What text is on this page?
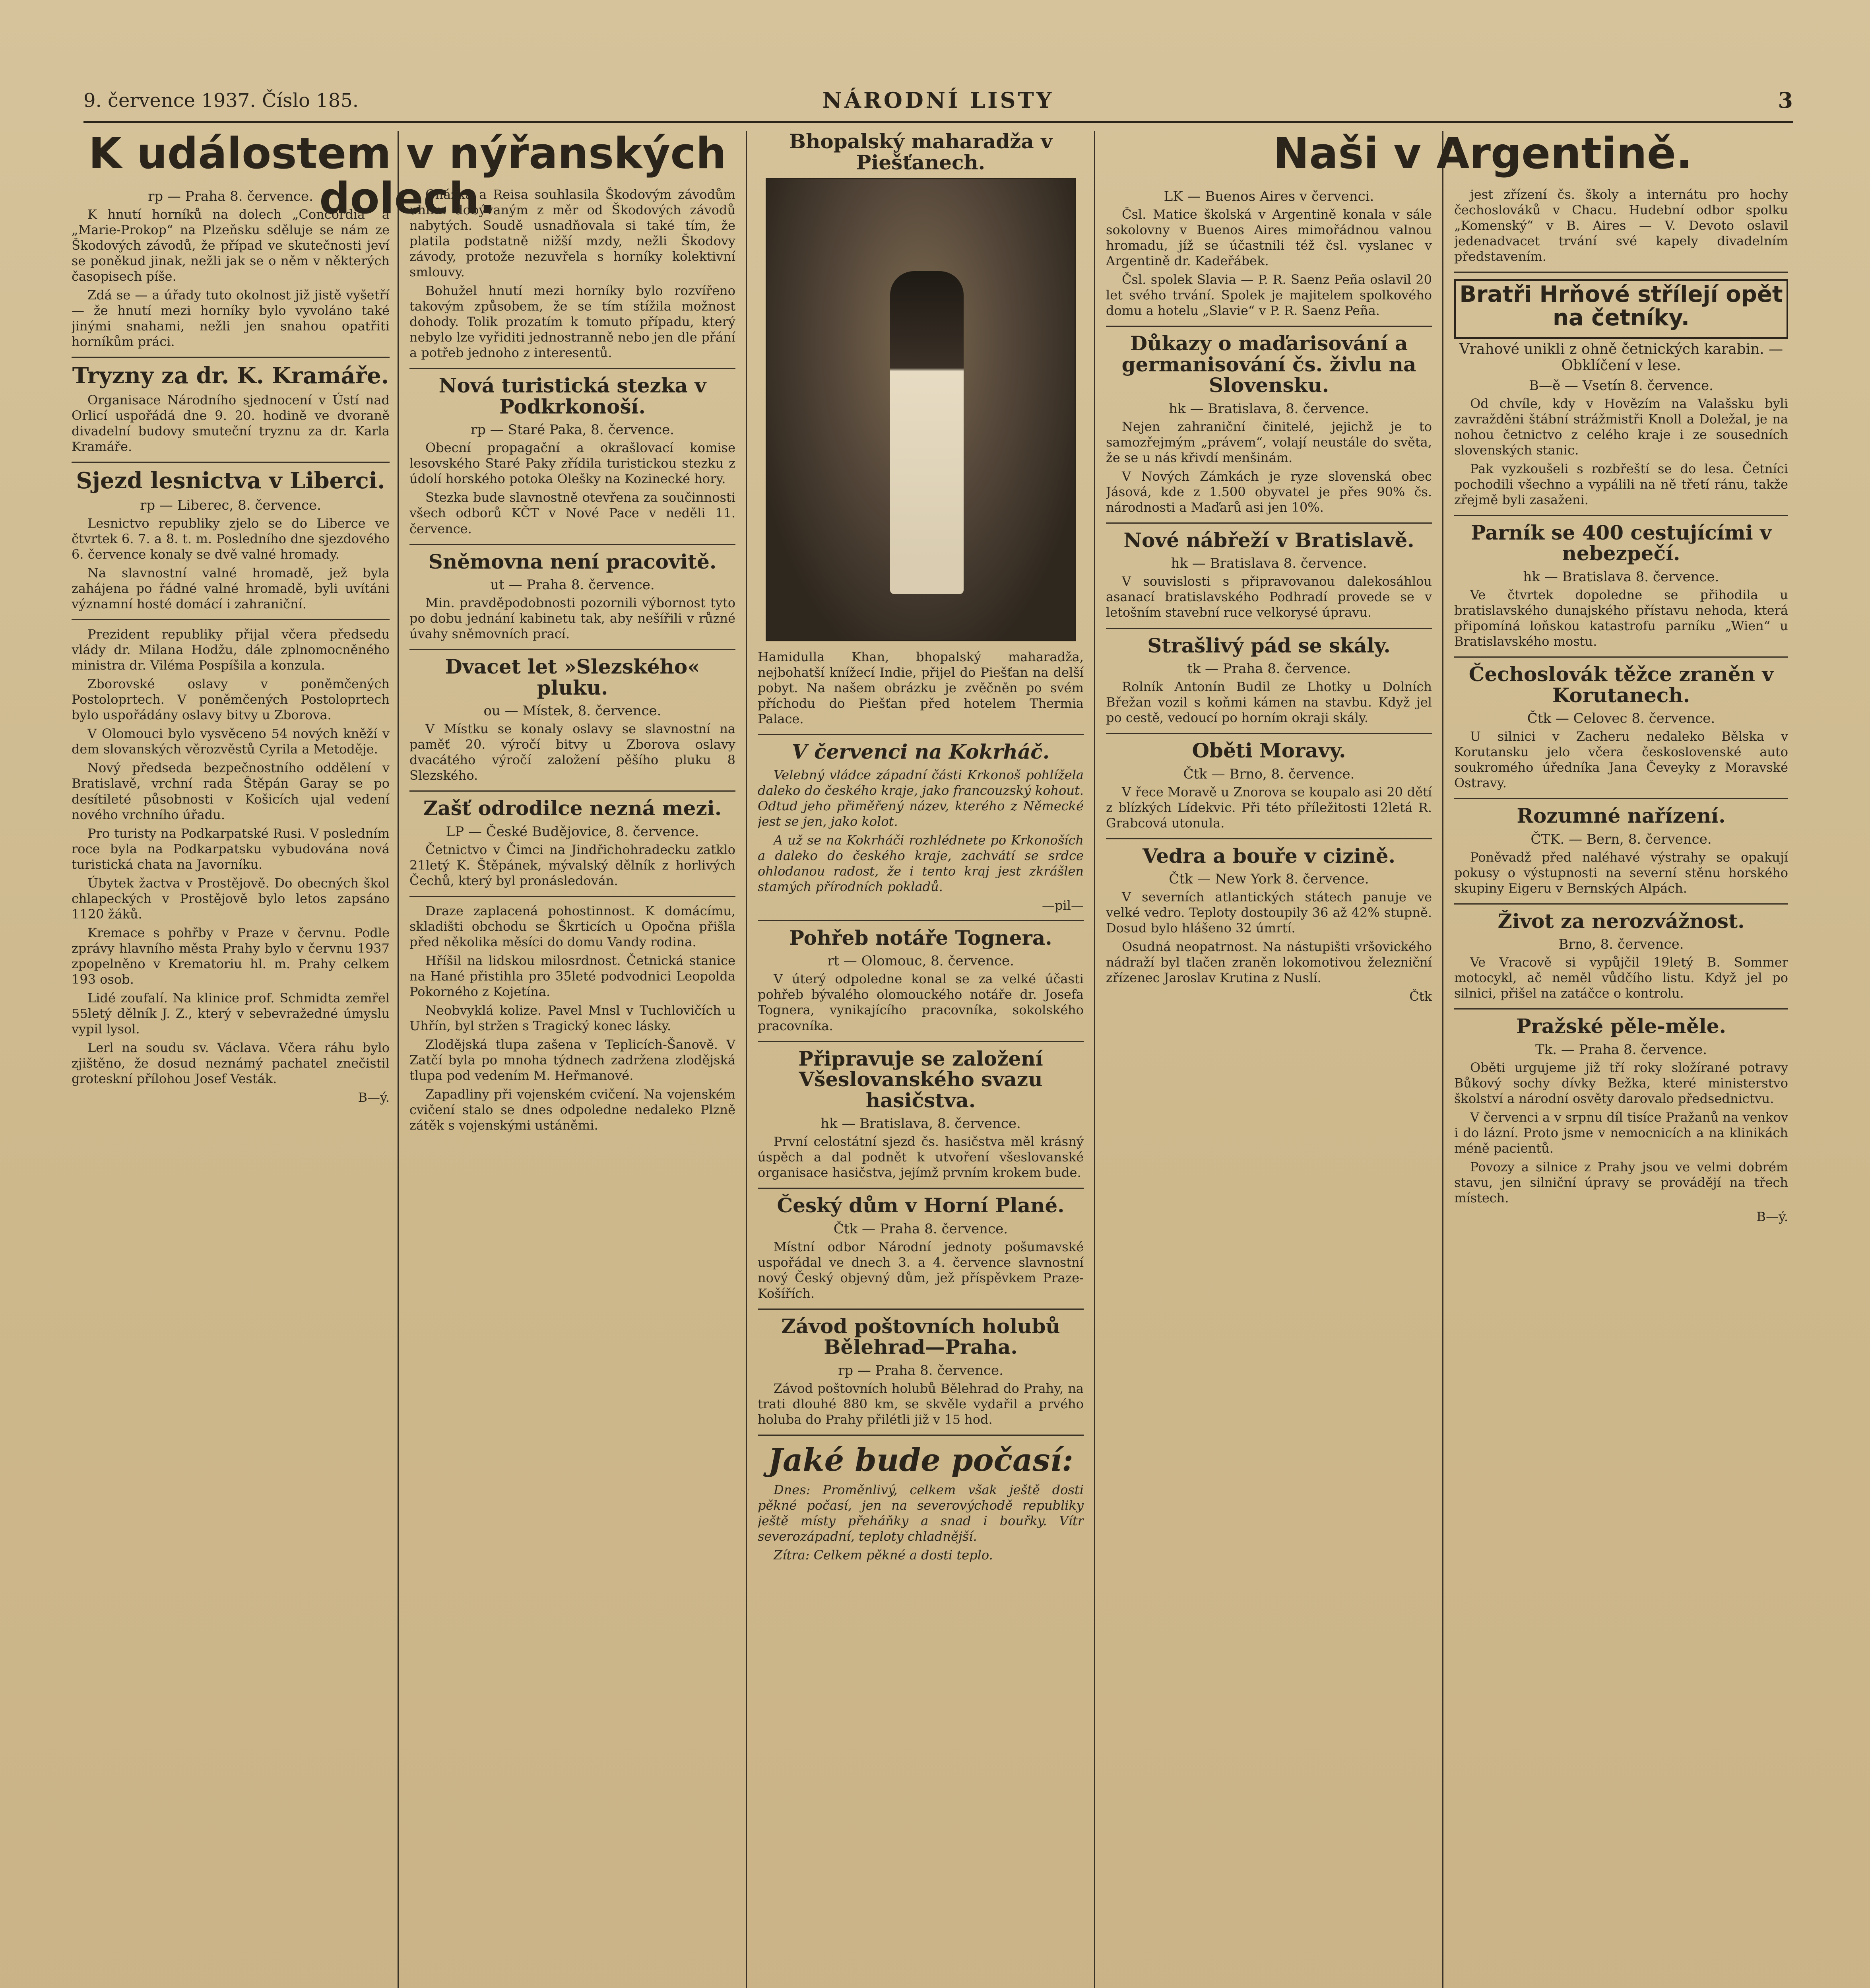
9. července 1937. Číslo 185.	NÁRODNÍ LISTY	3
K událostem v nýřanských dolech.
Naši v Argentině.
rp — Praha 8. července.

K hnutí horníků na dolech „Concordia“ a „Marie-Prokop“ na Plzeňsku sděluje se nám ze Škodových závodů, že případ ve skutečnosti jeví se poněkud jinak, nežli jak se o něm v některých časopisech píše.

Zdá se — a úřady tuto okolnost již jistě vyšetří — že hnutí mezi horníky bylo vyvoláno také jinými snahami, nežli jen snahou opatřiti horníkům práci.

Tryzny za dr. K. Kramáře.

Organisace Národního sjednocení v Ústí nad Orlicí uspořádá dne 9. 20. hodině ve dvoraně divadelní budovy smuteční tryznu za dr. Karla Kramáře.

Sjezd lesnictva v Liberci.
rp — Liberec, 8. července.

Lesnictvo republiky zjelo se do Liberce ve čtvrtek 6. 7. a 8. t. m. Posledního dne sjezdového 6. července konaly se dvě valné hromady.

Na slavnostní valné hromadě, jež byla zahájena po řádné valné hromadě, byli uvítáni významní hosté domácí i zahraniční.

Prezident republiky přijal včera předsedu vlády dr. Milana Hodžu, dále zplnomocněného ministra dr. Viléma Pospíšila a konzula.

Zborovské oslavy v poněmčených Postoloprtech. V poněmčených Postoloprtech bylo uspořádány oslavy bitvy u Zborova.

V Olomouci bylo vysvěceno 54 nových kněží v dem slovanských věrozvěstů Cyrila a Metoděje.

Nový předseda bezpečnostního oddělení v Bratislavě, vrchní rada Štěpán Garay se po desítileté působnosti v Košicích ujal vedení nového vrchního úřadu.

Pro turisty na Podkarpatské Rusi. V posledním roce byla na Podkarpatsku vybudována nová turistická chata na Javorníku.

Úbytek žactva v Prostějově. Do obecných škol chlapeckých v Prostějově bylo letos zapsáno 1120 žáků.

Kremace s pohřby v Praze v červnu. Podle zprávy hlavního města Prahy bylo v červnu 1937 zpopelněno v Krematoriu hl. m. Prahy celkem 193 osob.

Lidé zoufalí. Na klinice prof. Schmidta zemřel 55letý dělník J. Z., který v sebevražedné úmyslu vypil lysol.

Lerl na soudu sv. Václava. Včera ráhu bylo zjištěno, že dosud neznámý pachatel znečistil groteskní přílohou Josef Vesták.

B—ý.

Chážka a Reisa souhlasila Škodovým závodům uhlím dobývaným z měr od Škodových závodů nabytých. Soudě usnadňovala si také tím, že platila podstatně nižší mzdy, nežli Škodovy závody, protože nezuvřela s horníky kolektivní smlouvy.

Bohužel hnutí mezi horníky bylo rozvířeno takovým způsobem, že se tím stížila možnost dohody. Tolik prozatím k tomuto případu, který nebylo lze vyřiditi jednostranně nebo jen dle přání a potřeb jednoho z interesentů.

Nová turistická stezka v Podkrkonoší.
rp — Staré Paka, 8. července.

Obecní propagační a okrašlovací komise lesovského Staré Paky zřídila turistickou stezku z údolí horského potoka Olešky na Kozinecké hory.

Stezka bude slavnostně otevřena za součinnosti všech odborů KČT v Nové Pace v neděli 11. července.

Sněmovna není pracovitě.
ut — Praha 8. července.

Min. pravděpodobnosti pozornili výbornost tyto po dobu jednání kabinetu tak, aby nešířili v různé úvahy sněmovních prací.

Dvacet let »Slezského« pluku.
ou — Místek, 8. července.

V Místku se konaly oslavy se slavnostní na paměť 20. výročí bitvy u Zborova oslavy dvacátého výročí založení pěšího pluku 8 Slezského.

Zašť odrodilce nezná mezi.
LP — České Budějovice, 8. července.

Četnictvo v Čimci na Jindřichohradecku zatklo 21letý K. Štěpánek, mývalský dělník z horlivých Čechů, který byl pronásledován.

Draze zaplacená pohostinnost. K domácímu, skladišti obchodu se Škrticích u Opočna přišla před několika měsíci do domu Vandy rodina.

Hříšil na lidskou milosrdnost. Četnická stanice na Hané přistihla pro 35leté podvodnici Leopolda Pokorného z Kojetína.

Neobvyklá kolize. Pavel Mnsl v Tuchlovičích u Uhřín, byl stržen s Tragický konec lásky.

Zlodějská tlupa zašena v Teplicích-Šanově. V Zatčí byla po mnoha týdnech zadržena zlodějská tlupa pod vedením M. Heřmanové.

Zapadliny při vojenském cvičení. Na vojenském cvičení stalo se dnes odpoledne nedaleko Plzně zátěk s vojenskými ustáněmi.

Bhopalský maharadža v Piešťanech.

Hamidulla Khan, bhopalský maharadža, nejbohatší knížecí Indie, přijel do Piešťan na delší pobyt. Na našem obrázku je zvěčněn po svém příchodu do Piešťan před hotelem Thermia Palace.

V červenci na Kokrháč.

Velebný vládce západní části Krkonoš pohlížela daleko do českého kraje, jako francouzský kohout. Odtud jeho přiměřený název, kterého z Německé jest se jen, jako kolot.

A už se na Kokrháči rozhlédnete po Krkonoších a daleko do českého kraje, zachvátí se srdce ohlodanou radost, že i tento kraj jest zkrášlen stamých přírodních pokladů.

—pil—
Pohřeb notáře Tognera.
rt — Olomouc, 8. července.

V úterý odpoledne konal se za velké účasti pohřeb bývalého olomouckého notáře dr. Josefa Tognera, vynikajícího pracovníka, sokolského pracovníka.

Připravuje se založení Všeslovanského svazu hasičstva.
hk — Bratislava, 8. července.

První celostátní sjezd čs. hasičstva měl krásný úspěch a dal podnět k utvoření všeslovanské organisace hasičstva, jejímž prvním krokem bude.

Český dům v Horní Plané.
Čtk — Praha 8. července.

Místní odbor Národní jednoty pošumavské uspořádal ve dnech 3. a 4. července slavnostní nový Český objevný dům, jež příspěvkem Praze-Košířích.

Závod poštovních holubů Bělehrad—Praha.
rp — Praha 8. července.

Závod poštovních holubů Bělehrad do Prahy, na trati dlouhé 880 km, se skvěle vydařil a prvého holuba do Prahy přilétli již v 15 hod.

Jaké bude počasí:

Dnes: Proměnlivý, celkem však ještě dosti pěkné počasí, jen na severovýchodě republiky ještě místy přeháňky a snad i bouřky. Vítr severozápadní, teploty chladnější.

Zítra: Celkem pěkné a dosti teplo.

LK — Buenos Aires v červenci.

Čsl. Matice školská v Argentině konala v sále sokolovny v Buenos Aires mimořádnou valnou hromadu, jíž se účastnili též čsl. vyslanec v Argentině dr. Kadeřábek.

Čsl. spolek Slavia — P. R. Saenz Peña oslavil 20 let svého trvání. Spolek je majitelem spolkového domu a hotelu „Slavie“ v P. R. Saenz Peña.

Důkazy o maďarisování a germanisování čs. živlu na Slovensku.
hk — Bratislava, 8. července.

Nejen zahraniční činitelé, jejichž je to samozřejmým „právem“, volají neustále do světa, že se u nás křivdí menšinám.

V Nových Zámkách je ryze slovenská obec Jásová, kde z 1.500 obyvatel je přes 90% čs. národnosti a Maďarů asi jen 10%.

Nové nábřeží v Bratislavě.
hk — Bratislava 8. července.

V souvislosti s připravovanou dalekosáhlou asanací bratislavského Podhradí provede se v letošním stavební ruce velkorysé úpravu.

Strašlivý pád se skály.
tk — Praha 8. července.

Rolník Antonín Budil ze Lhotky u Dolních Břežan vozil s koňmi kámen na stavbu. Když jel po cestě, vedoucí po horním okraji skály.

Oběti Moravy.
Čtk — Brno, 8. července.

V řece Moravě u Znorova se koupalo asi 20 dětí z blízkých Lídekvic. Při této příležitosti 12letá R. Grabcová utonula.

Vedra a bouře v cizině.
Čtk — New York 8. července.

V severních atlantických státech panuje ve velké vedro. Teploty dostoupily 36 až 42% stupně. Dosud bylo hlášeno 32 úmrtí.

Osudná neopatrnost. Na nástupišti vršovického nádraží byl tlačen zraněn lokomotivou železniční zřízenec Jaroslav Krutina z Nuslí.

Čtk

jest zřízení čs. školy a internátu pro hochy čechoslováků v Chacu. Hudební odbor spolku „Komenský“ v B. Aires — V. Devoto oslavil jedenadvacet trvání své kapely divadelním představením.

Bratři Hrňové střílejí opět na četníky.
Vrahové unikli z ohně četnických karabin. — Obklíčení v lese.
B—ě — Vsetín 8. července.

Od chvíle, kdy v Hovězím na Valašsku byli zavražděni štábní strážmistři Knoll a Doležal, je na nohou četnictvo z celého kraje i ze sousedních slovenských stanic.

Pak vyzkoušeli s rozbřeští se do lesa. Četníci pochodili všechno a vypálili na ně třetí ránu, takže zřejmě byli zasaženi.

Parník se 400 cestujícími v nebezpečí.
hk — Bratislava 8. července.

Ve čtvrtek dopoledne se přihodila u bratislavského dunajského přístavu nehoda, která připomíná loňskou katastrofu parníku „Wien“ u Bratislavského mostu.

Čechoslovák těžce zraněn v Korutanech.
Čtk — Celovec 8. července.

U silnici v Zacheru nedaleko Bělska v Korutansku jelo včera československé auto soukromého úředníka Jana Čeveyky z Moravské Ostravy.

Rozumné nařízení.
ČTK. — Bern, 8. července.

Poněvadž před naléhavé výstrahy se opakují pokusy o výstupnosti na severní stěnu horského skupiny Eigeru v Bernských Alpách.

Život za nerozvážnost.
Brno, 8. července.

Ve Vracově si vypůjčil 19letý B. Sommer motocykl, ač neměl vůdčího listu. Když jel po silnici, přišel na zatáčce o kontrolu.

Pražské pěle-měle.
Tk. — Praha 8. července.

Oběti urgujeme již tří roky složírané potravy Bůkový sochy dívky Bežka, které ministerstvo školství a národní osvěty darovalo předsednictvu.

V červenci a v srpnu díl tisíce Pražanů na venkov i do lázní. Proto jsme v nemocnicích a na klinikách méně pacientů.

Povozy a silnice z Prahy jsou ve velmi dobrém stavu, jen silniční úpravy se provádějí na třech místech.

B—ý.
